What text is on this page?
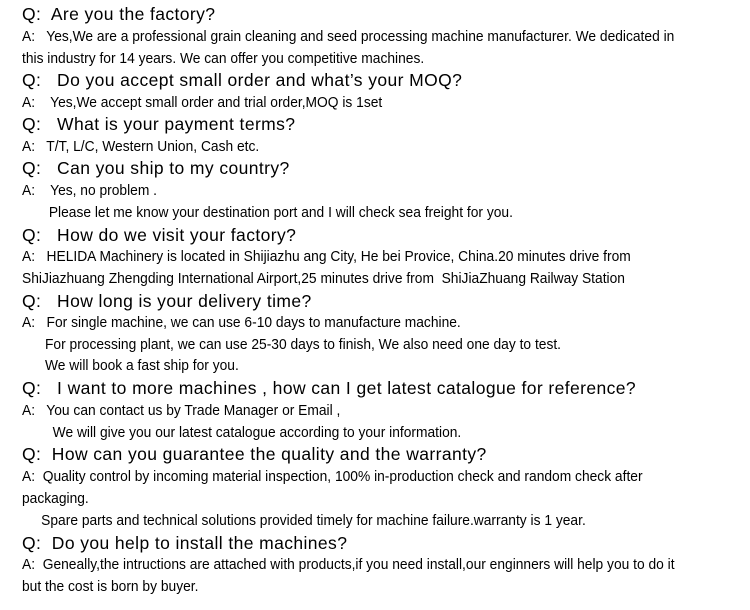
Q:  Are you the factory?
A:   Yes,We are a professional grain cleaning and seed processing machine manufacturer. We dedicated in
this industry for 14 years. We can offer you competitive machines.
Q:   Do you accept small order and what’s your MOQ?
A:    Yes,We accept small order and trial order,MOQ is 1set
Q:   What is your payment terms?
A:   T/T, L/C, Western Union, Cash etc.
Q:   Can you ship to my country?
A:    Yes, no problem .
Please let me know your destination port and I will check sea freight for you.
Q:   How do we visit your factory?
A:   HELIDA Machinery is located in Shijiazhu ang City, He bei Provice, China.20 minutes drive from
ShiJiazhuang Zhengding International Airport,25 minutes drive from  ShiJiaZhuang Railway Station
Q:   How long is your delivery time?
A:   For single machine, we can use 6-10 days to manufacture machine.
For processing plant, we can use 25-30 days to finish, We also need one day to test.
We will book a fast ship for you.
Q:   I want to more machines , how can I get latest catalogue for reference?
A:   You can contact us by Trade Manager or Email ,
We will give you our latest catalogue according to your information.
Q:  How can you guarantee the quality and the warranty?
A:  Quality control by incoming material inspection, 100% in-production check and random check after
packaging.
Spare parts and technical solutions provided timely for machine failure.warranty is 1 year.
Q:  Do you help to install the machines?
A:  Geneally,the intructions are attached with products,if you need install,our enginners will help you to do it
but the cost is born by buyer.
